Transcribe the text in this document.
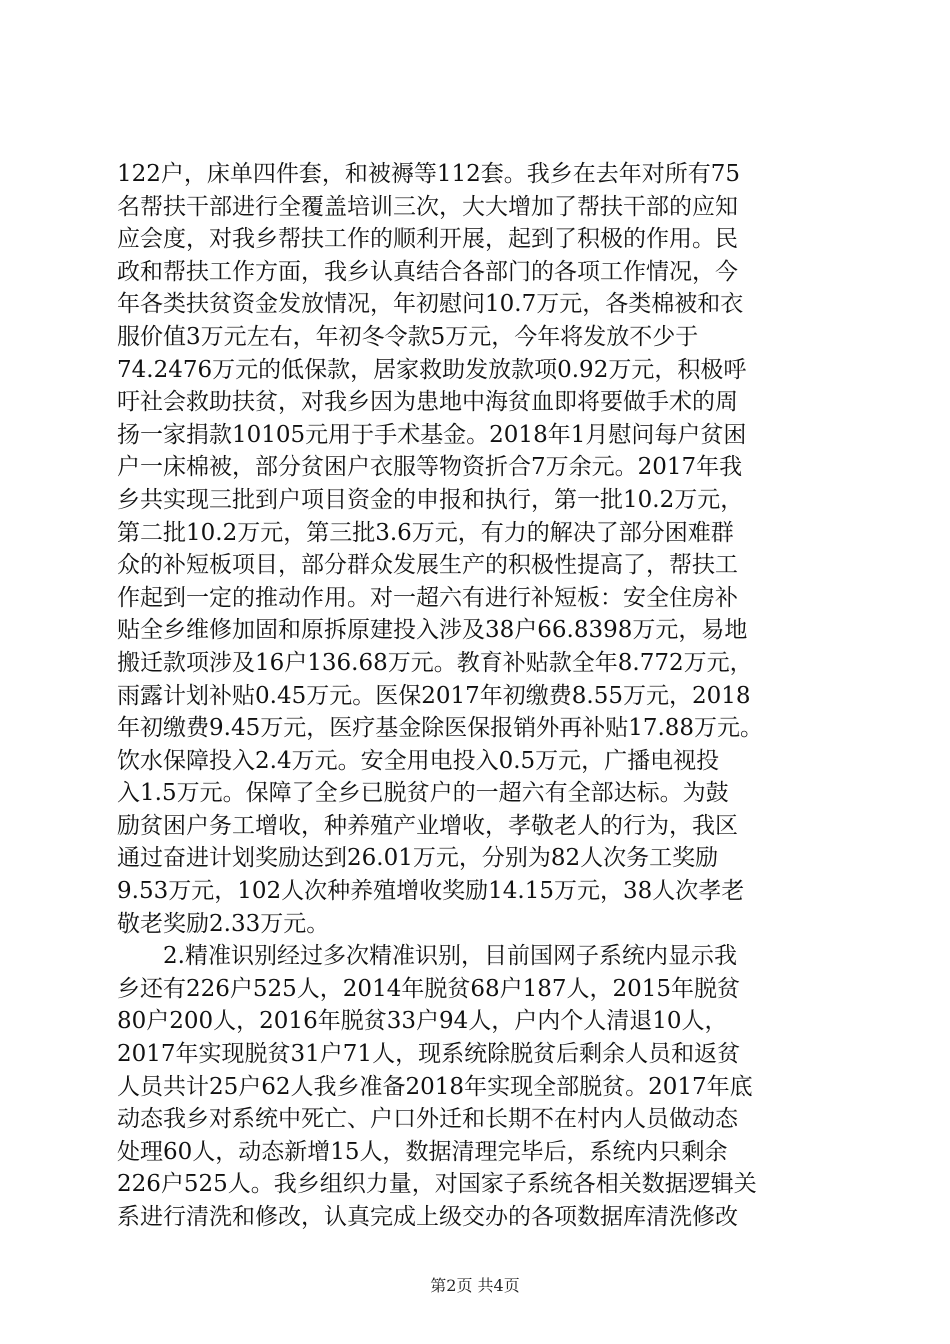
122户，床单四件套，和被褥等112套。我乡在去年对所有75
名帮扶干部进行全覆盖培训三次，大大增加了帮扶干部的应知
应会度，对我乡帮扶工作的顺利开展，起到了积极的作用。民
政和帮扶工作方面，我乡认真结合各部门的各项工作情况，今
年各类扶贫资金发放情况，年初慰问10.7万元，各类棉被和衣
服价值3万元左右，年初冬令款5万元，今年将发放不少于
74.2476万元的低保款，居家救助发放款项0.92万元，积极呼
吁社会救助扶贫，对我乡因为患地中海贫血即将要做手术的周
扬一家捐款10105元用于手术基金。2018年1月慰问每户贫困
户一床棉被，部分贫困户衣服等物资折合7万余元。2017年我
乡共实现三批到户项目资金的申报和执行，第一批10.2万元，
第二批10.2万元，第三批3.6万元，有力的解决了部分困难群
众的补短板项目，部分群众发展生产的积极性提高了，帮扶工
作起到一定的推动作用。对一超六有进行补短板：安全住房补
贴全乡维修加固和原拆原建投入涉及38户66.8398万元，易地
搬迁款项涉及16户136.68万元。教育补贴款全年8.772万元，
雨露计划补贴0.45万元。医保2017年初缴费8.55万元，2018
年初缴费9.45万元，医疗基金除医保报销外再补贴17.88万元。
饮水保障投入2.4万元。安全用电投入0.5万元，广播电视投
入1.5万元。保障了全乡已脱贫户的一超六有全部达标。为鼓
励贫困户务工增收，种养殖产业增收，孝敬老人的行为，我区
通过奋进计划奖励达到26.01万元，分别为82人次务工奖励
9.53万元，102人次种养殖增收奖励14.15万元，38人次孝老
敬老奖励2.33万元。
　　2.精准识别经过多次精准识别，目前国网子系统内显示我
乡还有226户525人，2014年脱贫68户187人，2015年脱贫
80户200人，2016年脱贫33户94人，户内个人清退10人，
2017年实现脱贫31户71人，现系统除脱贫后剩余人员和返贫
人员共计25户62人我乡准备2018年实现全部脱贫。2017年底
动态我乡对系统中死亡、户口外迁和长期不在村内人员做动态
处理60人，动态新增15人，数据清理完毕后，系统内只剩余
226户525人。我乡组织力量，对国家子系统各相关数据逻辑关
系进行清洗和修改，认真完成上级交办的各项数据库清洗修改
第2页 共4页
